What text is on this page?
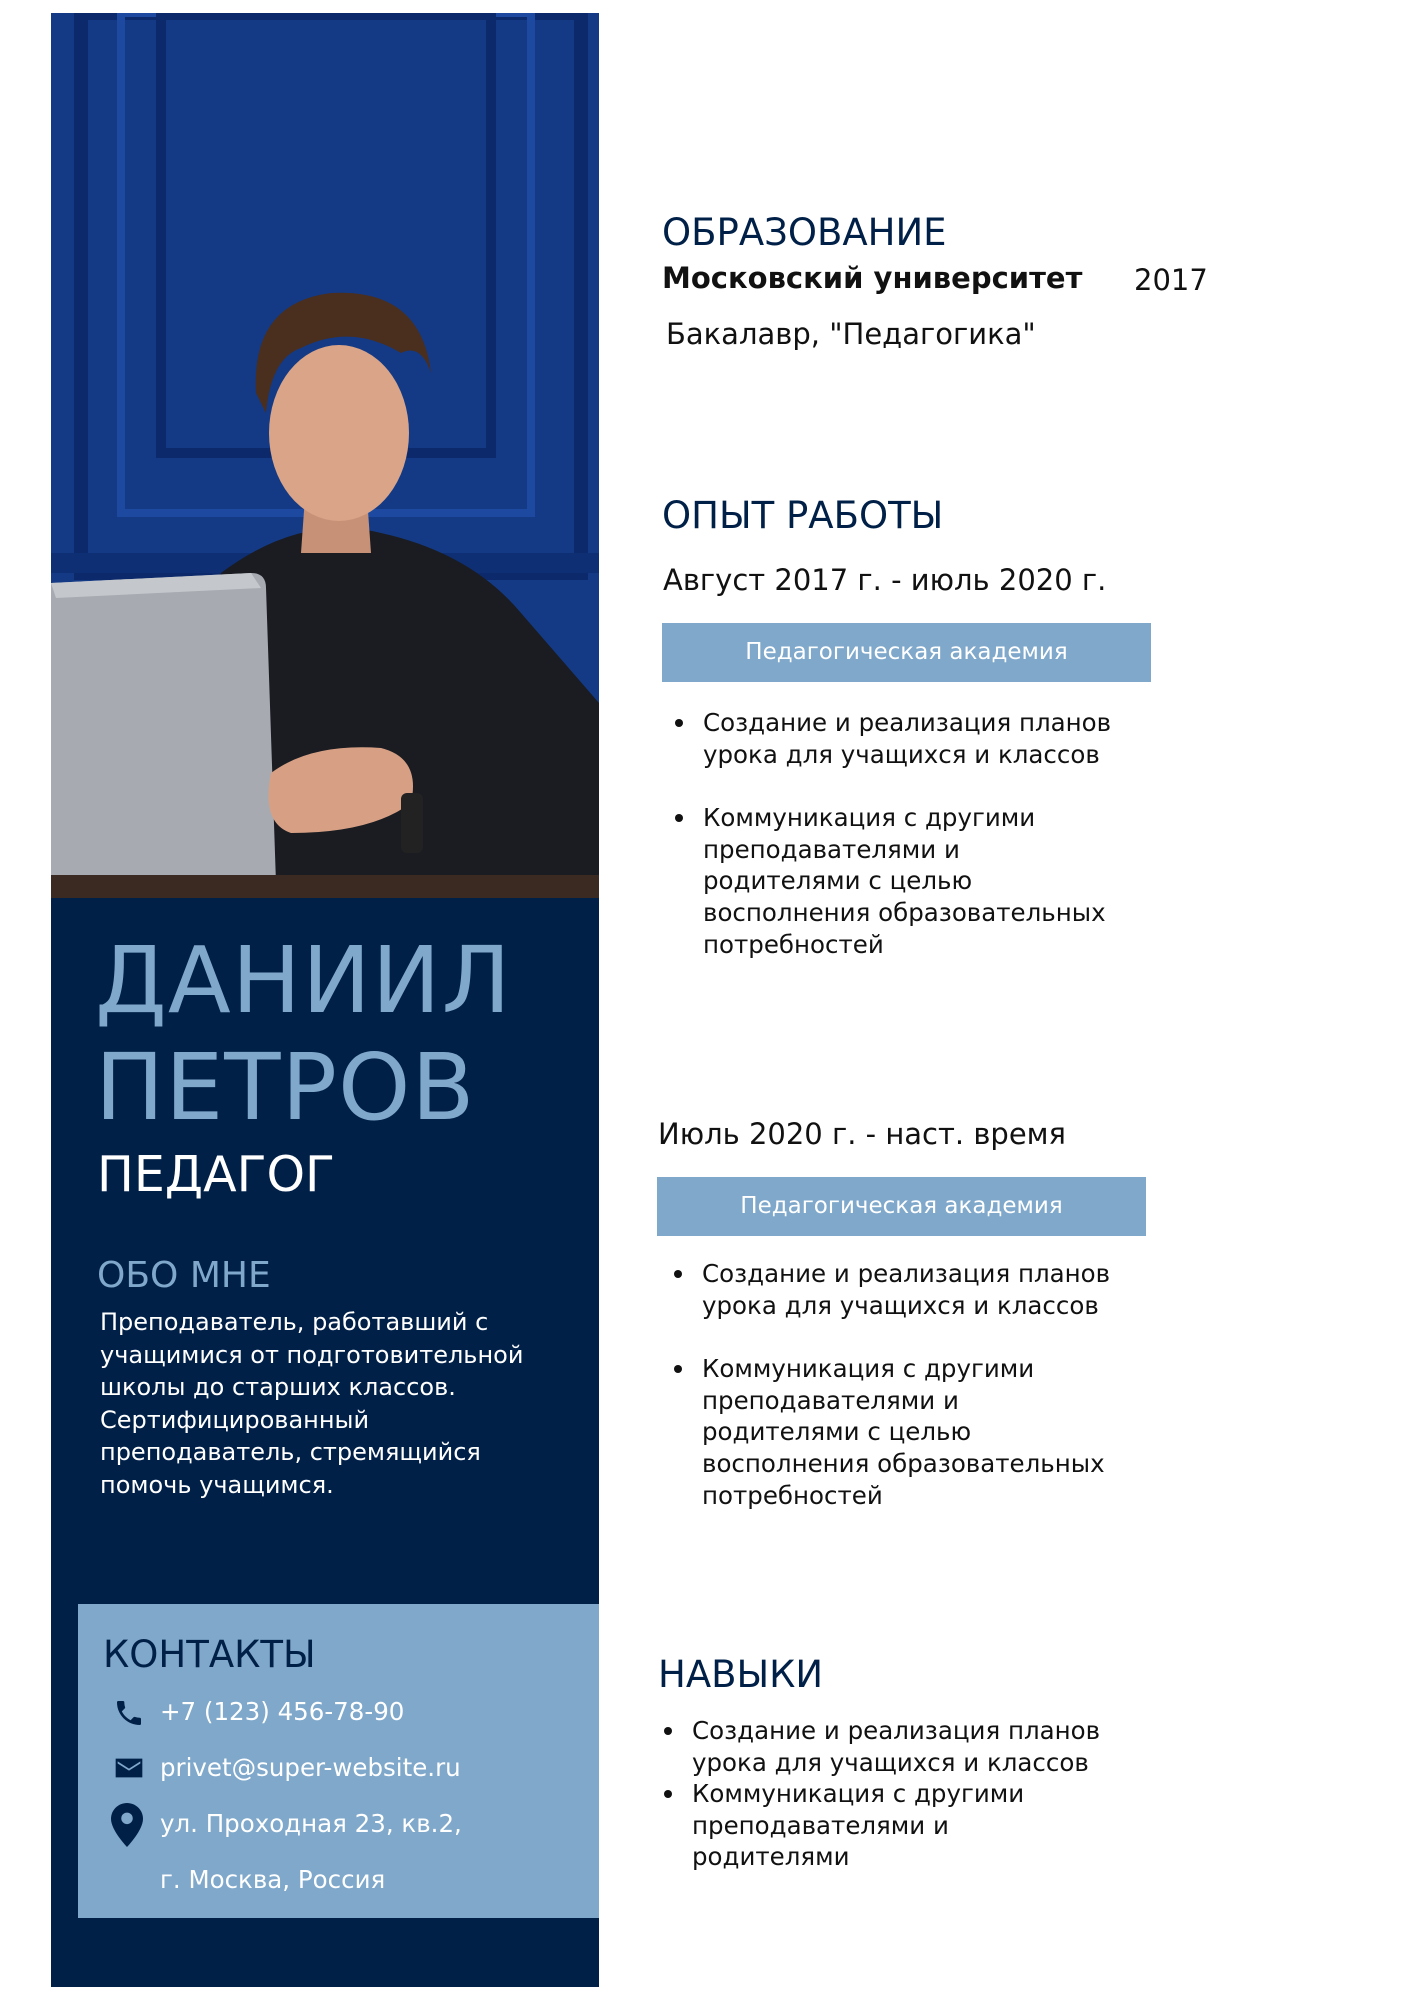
ДАНИИЛ
ПЕТРОВ
ПЕДАГОГ
ОБО МНЕ
Преподаватель, работавший с учащимися от подготовительной школы до старших классов. Сертифицированный преподаватель, стремящийся помочь учащимся.
КОНТАКТЫ
+7 (123) 456-78-90
privet@super-website.ru
ул. Проходная 23, кв.2,
г. Москва, Россия
ОБРАЗОВАНИЕ
Московский университет 2017
Бакалавр, "Педагогика"
ОПЫТ РАБОТЫ
Август 2017 г. - июль 2020 г.
Педагогическая академия
Создание и реализация планов урока для учащихся и классов
Коммуникация с другими преподавателями и родителями с целью восполнения образовательных потребностей
Июль 2020 г. - наст. время
Педагогическая академия
Создание и реализация планов урока для учащихся и классов
Коммуникация с другими преподавателями и родителями с целью восполнения образовательных потребностей
НАВЫКИ
Создание и реализация планов урока для учащихся и классов
Коммуникация с другими преподавателями и родителями
